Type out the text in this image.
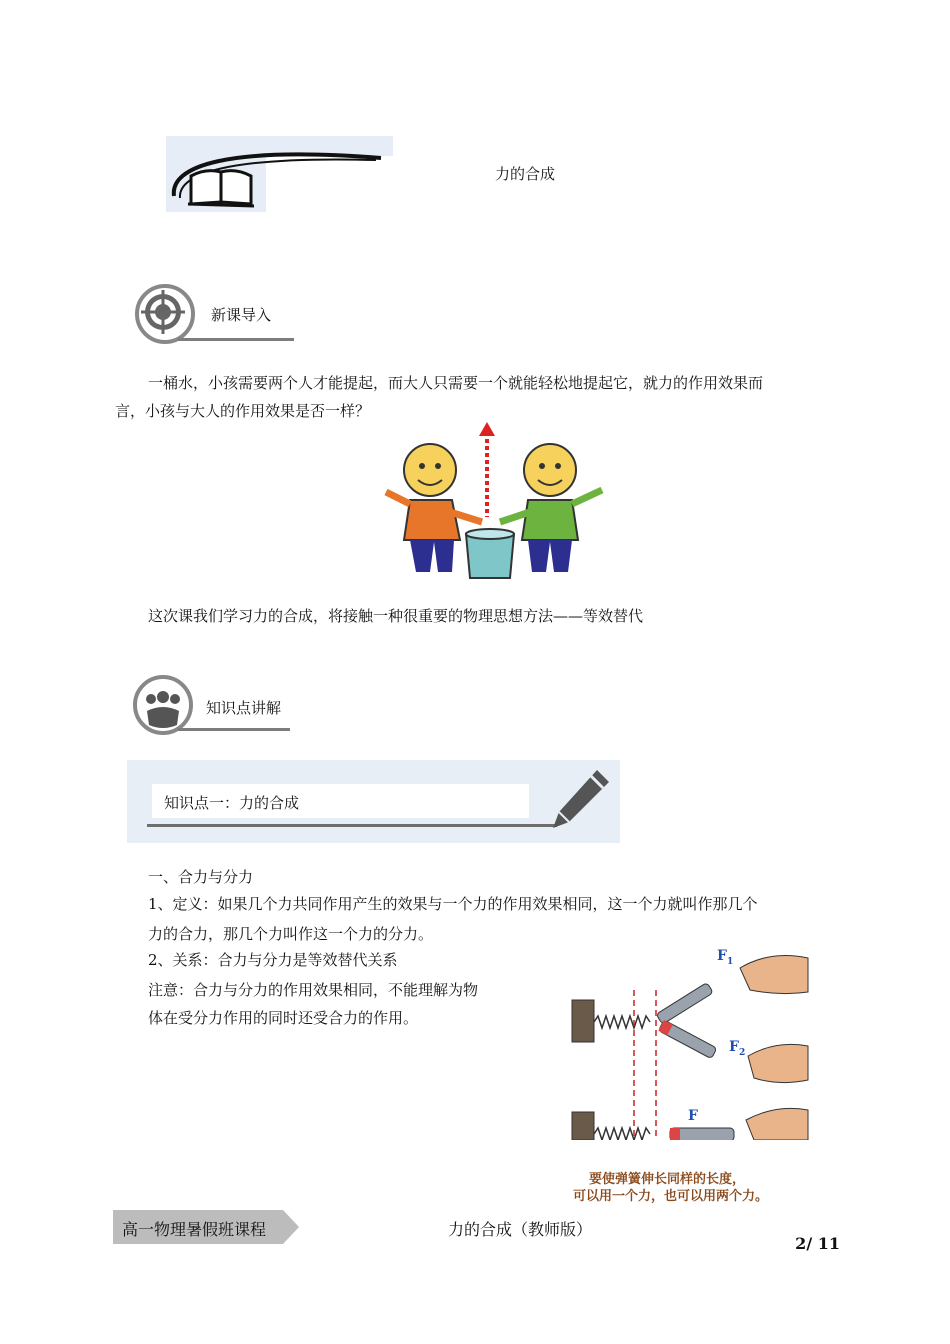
力的合成
新课导入
一桶水，小孩需要两个人才能提起，而大人只需要一个就能轻松地提起它，就力的作用效果而
言，小孩与大人的作用效果是否一样？
这次课我们学习力的合成，将接触一种很重要的物理思想方法——等效替代
知识点讲解
知识点一：力的合成
一、合力与分力
1、定义：如果几个力共同作用产生的效果与一个力的作用效果相同，这一个力就叫作那几个
力的合力，那几个力叫作这一个力的分力。
2、关系：合力与分力是等效替代关系
注意：合力与分力的作用效果相同，不能理解为物
体在受分力作用的同时还受合力的作用。
$F_1$
$F_2$
F
要使弹簧伸长同样的长度，
可以用一个力，也可以用两个力。
高一物理暑假班课程	力的合成（教师版）
2/ 11
